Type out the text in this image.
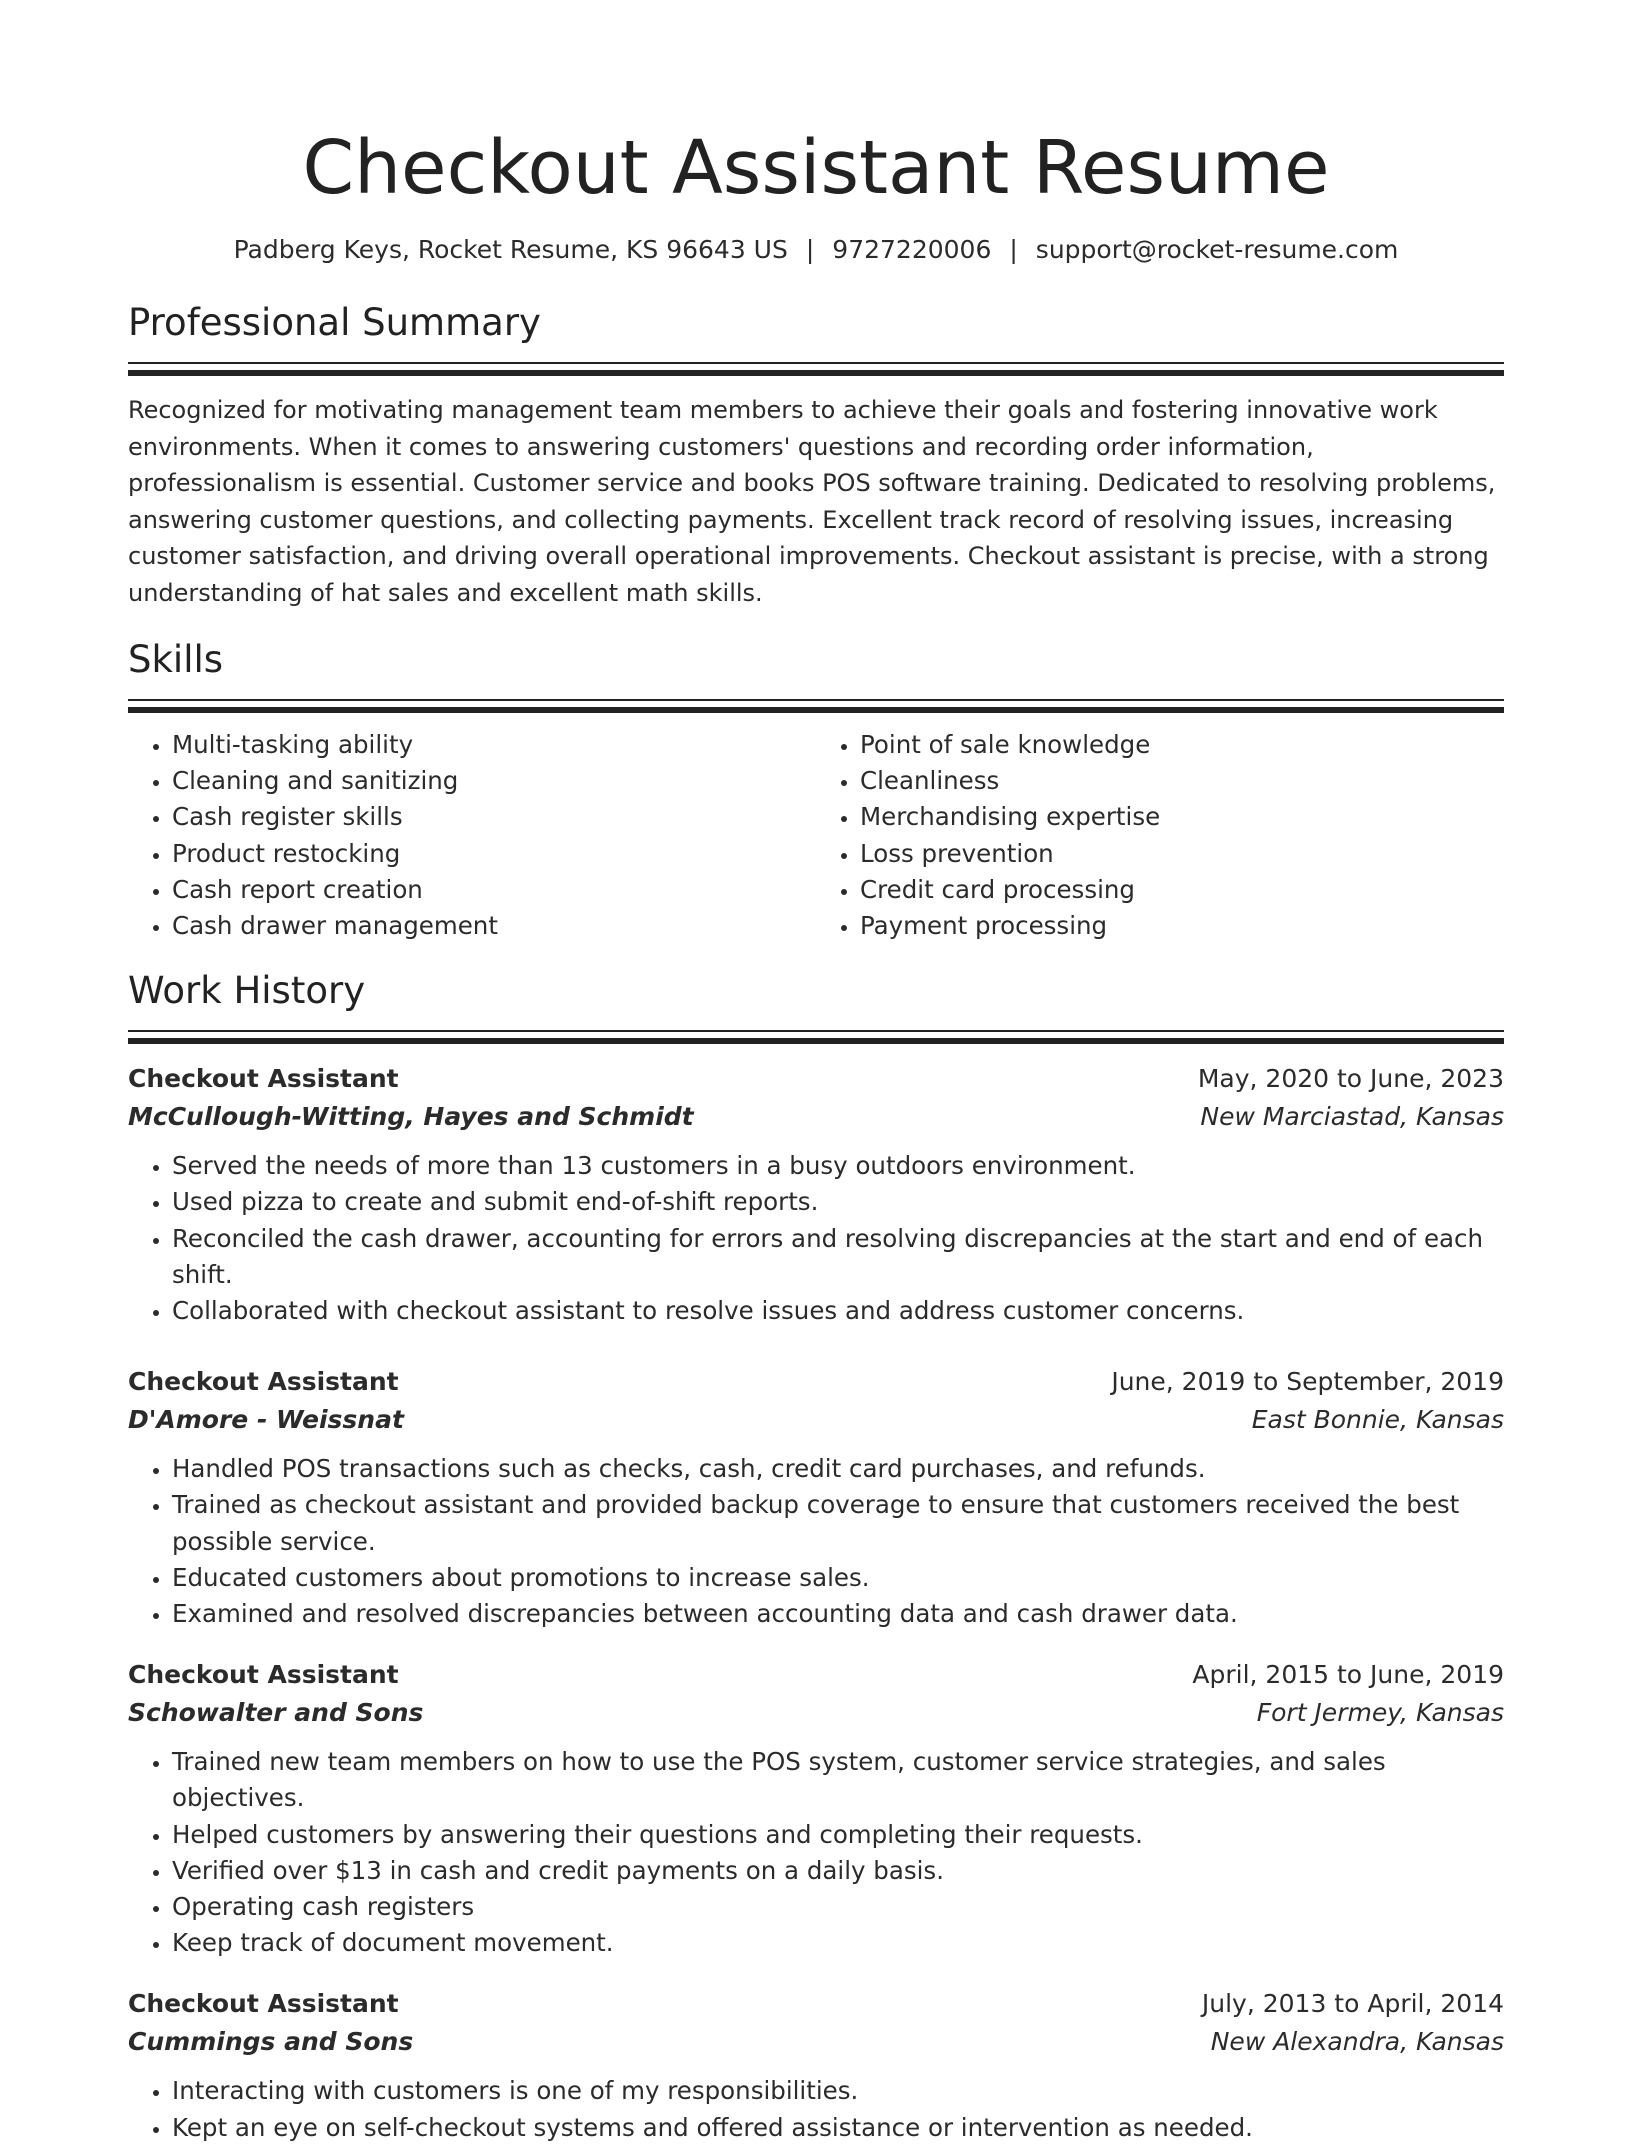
Checkout Assistant Resume
Padberg Keys, Rocket Resume, KS 96643 US | 9727220006 | support@rocket-resume.com
Professional Summary
Recognized for motivating management team members to achieve their goals and fostering innovative work environments. When it comes to answering customers' questions and recording order information, professionalism is essential. Customer service and books POS software training. Dedicated to resolving problems, answering customer questions, and collecting payments. Excellent track record of resolving issues, increasing customer satisfaction, and driving overall operational improvements. Checkout assistant is precise, with a strong understanding of hat sales and excellent math skills.
Skills
• Multi-tasking ability
• Cleaning and sanitizing
• Cash register skills
• Product restocking
• Cash report creation
• Cash drawer management
• Point of sale knowledge
• Cleanliness
• Merchandising expertise
• Loss prevention
• Credit card processing
• Payment processing
Work History
Checkout Assistant	May, 2020 to June, 2023
McCullough-Witting, Hayes and Schmidt	New Marciastad, Kansas
• Served the needs of more than 13 customers in a busy outdoors environment.
• Used pizza to create and submit end-of-shift reports.
• Reconciled the cash drawer, accounting for errors and resolving discrepancies at the start and end of each shift.
• Collaborated with checkout assistant to resolve issues and address customer concerns.
Checkout Assistant	June, 2019 to September, 2019
D'Amore - Weissnat	East Bonnie, Kansas
• Handled POS transactions such as checks, cash, credit card purchases, and refunds.
• Trained as checkout assistant and provided backup coverage to ensure that customers received the best possible service.
• Educated customers about promotions to increase sales.
• Examined and resolved discrepancies between accounting data and cash drawer data.
Checkout Assistant	April, 2015 to June, 2019
Schowalter and Sons	Fort Jermey, Kansas
• Trained new team members on how to use the POS system, customer service strategies, and sales objectives.
• Helped customers by answering their questions and completing their requests.
• Verified over $13 in cash and credit payments on a daily basis.
• Operating cash registers
• Keep track of document movement.
Checkout Assistant	July, 2013 to April, 2014
Cummings and Sons	New Alexandra, Kansas
• Interacting with customers is one of my responsibilities.
• Kept an eye on self-checkout systems and offered assistance or intervention as needed.
